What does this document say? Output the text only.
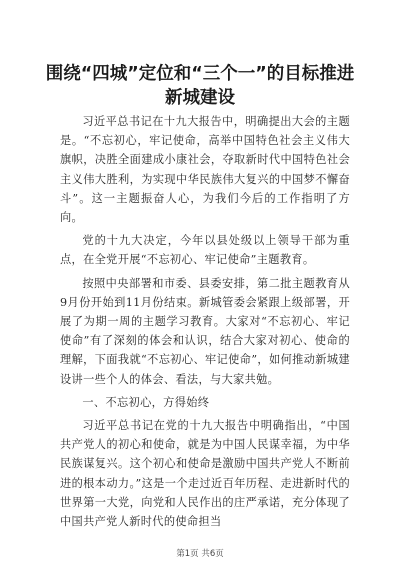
围绕“四城”定位和“三个一”的目标推进新城建设

习近平总书记在十九大报告中，明确提出大会的主题是。“不忘初心，牢记使命，高举中国特色社会主义伟大旗帜，决胜全面建成小康社会，夺取新时代中国特色社会主义伟大胜利，为实现中华民族伟大复兴的中国梦不懈奋斗”。这一主题振奋人心，为我们今后的工作指明了方向。

党的十九大决定，今年以县处级以上领导干部为重点，在全党开展“不忘初心、牢记使命”主题教育。

按照中央部署和市委、县委安排，第二批主题教育从9月份开始到11月份结束。新城管委会紧跟上级部署，开展了为期一周的主题学习教育。大家对“不忘初心、牢记使命”有了深刻的体会和认识，结合大家对初心、使命的理解，下面我就“不忘初心、牢记使命”，如何推动新城建设讲一些个人的体会、看法，与大家共勉。

一、不忘初心，方得始终

习近平总书记在党的十九大报告中明确指出，“中国共产党人的初心和使命，就是为中国人民谋幸福，为中华民族谋复兴。这个初心和使命是激励中国共产党人不断前进的根本动力。”这是一个走过近百年历程、走进新时代的世界第一大党，向党和人民作出的庄严承诺，充分体现了中国共产党人新时代的使命担当

第1页 共6页
